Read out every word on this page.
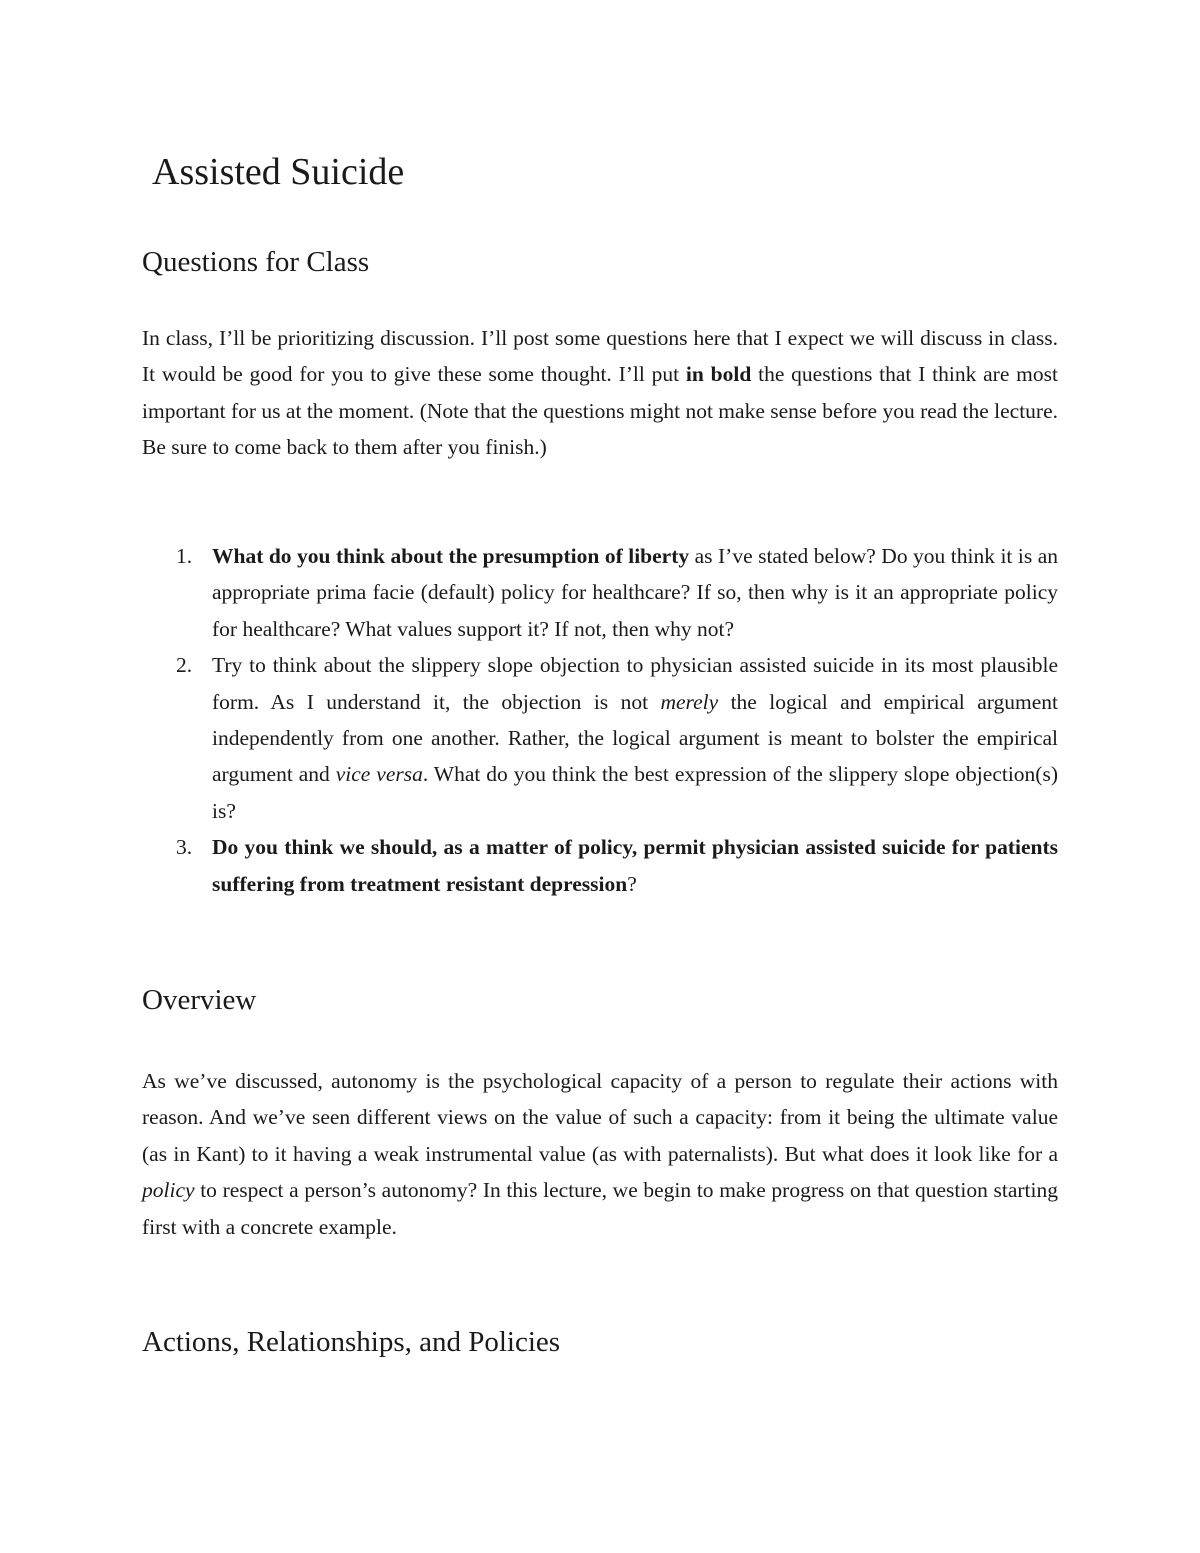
Assisted Suicide
Questions for Class

In class, I’ll be prioritizing discussion. I’ll post some questions here that I expect we will discuss in class. It would be good for you to give these some thought. I’ll put in bold the questions that I think are most important for us at the moment. (Note that the questions might not make sense before you read the lecture. Be sure to come back to them after you finish.)

1. What do you think about the presumption of liberty as I’ve stated below? Do you think it is an appropriate prima facie (default) policy for healthcare? If so, then why is it an appropriate policy for healthcare? What values support it? If not, then why not?
2. Try to think about the slippery slope objection to physician assisted suicide in its most plausible form. As I understand it, the objection is not merely the logical and empirical argument independently from one another. Rather, the logical argument is meant to bolster the empirical argument and vice versa. What do you think the best expression of the slippery slope objection(s) is?
3. Do you think we should, as a matter of policy, permit physician assisted suicide for patients suffering from treatment resistant depression?
Overview

As we’ve discussed, autonomy is the psychological capacity of a person to regulate their actions with reason. And we’ve seen different views on the value of such a capacity: from it being the ultimate value (as in Kant) to it having a weak instrumental value (as with paternalists). But what does it look like for a policy to respect a person’s autonomy? In this lecture, we begin to make progress on that question starting first with a concrete example.

Actions, Relationships, and Policies
